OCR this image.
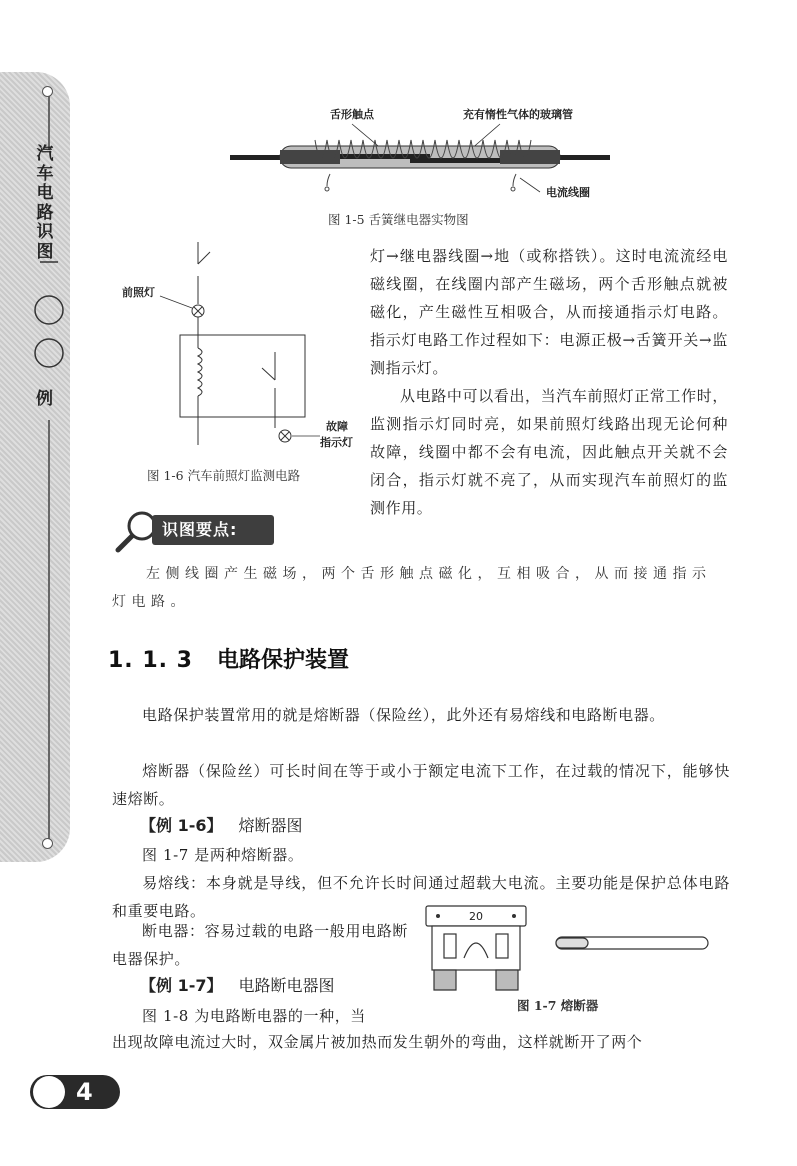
汽车电路识图
例
舌形触点	充有惰性气体的玻璃管
电流线圈
图 1-5 舌簧继电器实物图
前照灯
故障
指示灯
图 1-6 汽车前照灯监测电路

灯→继电器线圈→地（或称搭铁）。这时电流流经电磁线圈，在线圈内部产生磁场，两个舌形触点就被磁化，产生磁性互相吸合，从而接通指示灯电路。指示灯电路工作过程如下：电源正极→舌簧开关→监测指示灯。

从电路中可以看出，当汽车前照灯正常工作时，监测指示灯同时亮，如果前照灯线路出现无论何种故障，线圈中都不会有电流，因此触点开关就不会闭合，指示灯就不亮了，从而实现汽车前照灯的监测作用。

识图要点:

左侧线圈产生磁场，两个舌形触点磁化，互相吸合，从而接通指示灯电路。

1. 1. 3 电路保护装置

电路保护装置常用的就是熔断器（保险丝），此外还有易熔线和电路断电器。

熔断器（保险丝）可长时间在等于或小于额定电流下工作，在过载的情况下，能够快速熔断。

【例 1-6】 熔断器图

图 1-7 是两种熔断器。

易熔线：本身就是导线，但不允许长时间通过超载大电流。主要功能是保护总体电路和重要电路。

断电器：容易过载的电路一般用电路断电器保护。

【例 1-7】 电路断电器图

图 1-8 为电路断电器的一种，当

出现故障电流过大时，双金属片被加热而发生朝外的弯曲，这样就断开了两个

20
图 1-7 熔断器
4
